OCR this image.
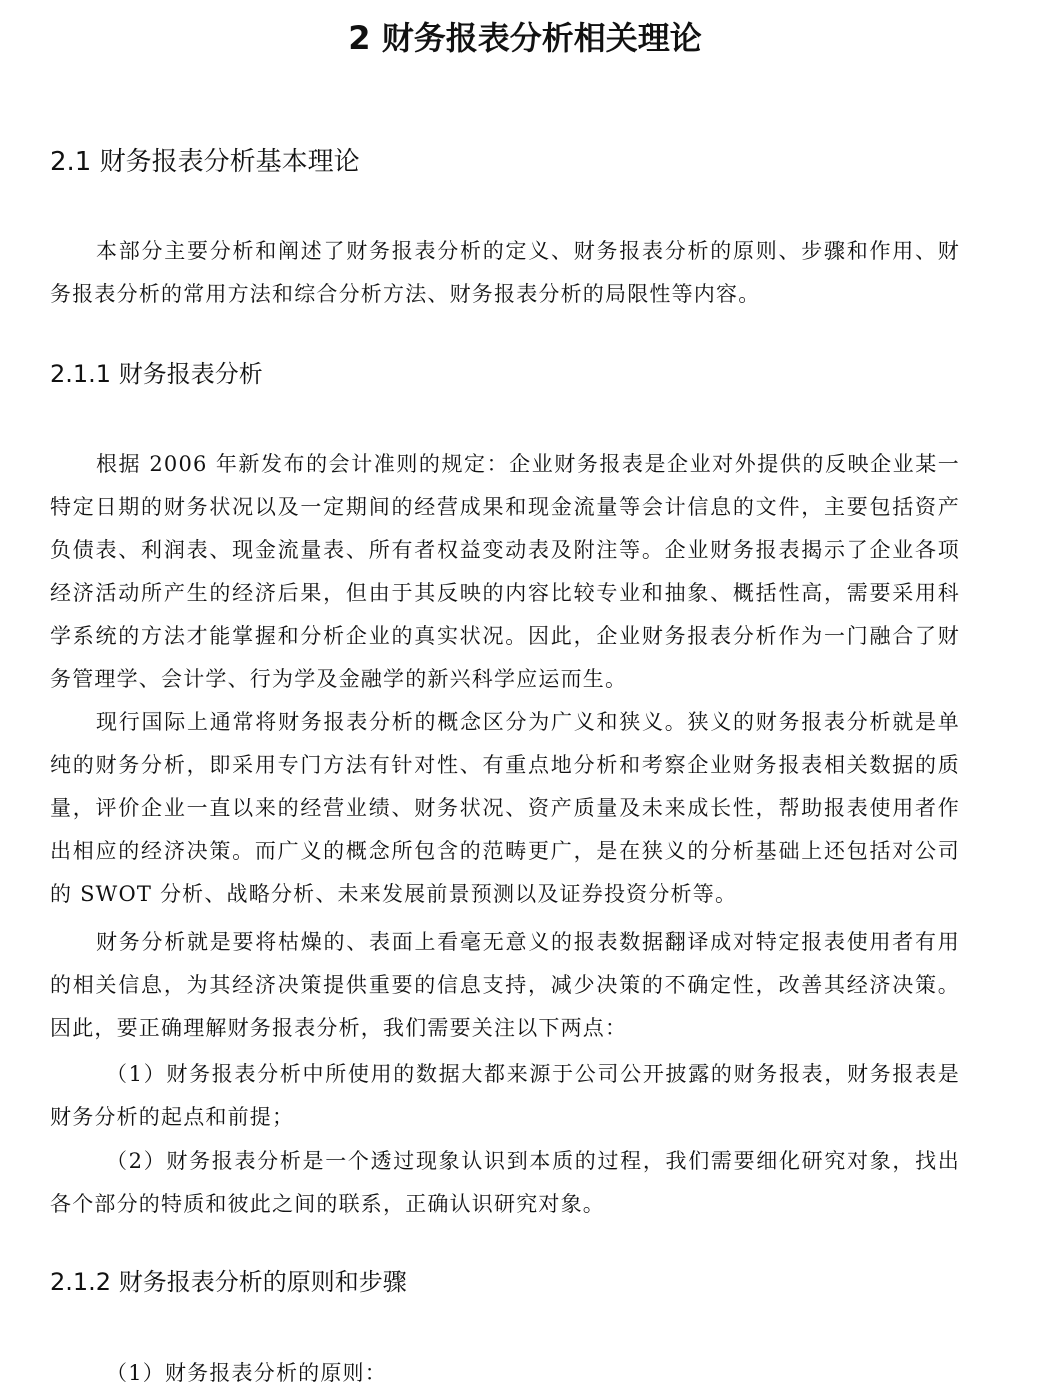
2 财务报表分析相关理论
2.1 财务报表分析基本理论

本部分主要分析和阐述了财务报表分析的定义、财务报表分析的原则、步骤和作用、财务报表分析的常用方法和综合分析方法、财务报表分析的局限性等内容。

2.1.1 财务报表分析

根据 2006 年新发布的会计准则的规定：企业财务报表是企业对外提供的反映企业某一特定日期的财务状况以及一定期间的经营成果和现金流量等会计信息的文件，主要包括资产负债表、利润表、现金流量表、所有者权益变动表及附注等。企业财务报表揭示了企业各项经济活动所产生的经济后果，但由于其反映的内容比较专业和抽象、概括性高，需要采用科学系统的方法才能掌握和分析企业的真实状况。因此，企业财务报表分析作为一门融合了财务管理学、会计学、行为学及金融学的新兴科学应运而生。

现行国际上通常将财务报表分析的概念区分为广义和狭义。狭义的财务报表分析就是单纯的财务分析，即采用专门方法有针对性、有重点地分析和考察企业财务报表相关数据的质量，评价企业一直以来的经营业绩、财务状况、资产质量及未来成长性，帮助报表使用者作出相应的经济决策。而广义的概念所包含的范畴更广，是在狭义的分析基础上还包括对公司的 SWOT 分析、战略分析、未来发展前景预测以及证券投资分析等。

财务分析就是要将枯燥的、表面上看毫无意义的报表数据翻译成对特定报表使用者有用的相关信息，为其经济决策提供重要的信息支持，减少决策的不确定性，改善其经济决策。因此，要正确理解财务报表分析，我们需要关注以下两点：

（1）财务报表分析中所使用的数据大都来源于公司公开披露的财务报表，财务报表是财务分析的起点和前提；

（2）财务报表分析是一个透过现象认识到本质的过程，我们需要细化研究对象，找出各个部分的特质和彼此之间的联系，正确认识研究对象。

2.1.2 财务报表分析的原则和步骤

（1）财务报表分析的原则：
